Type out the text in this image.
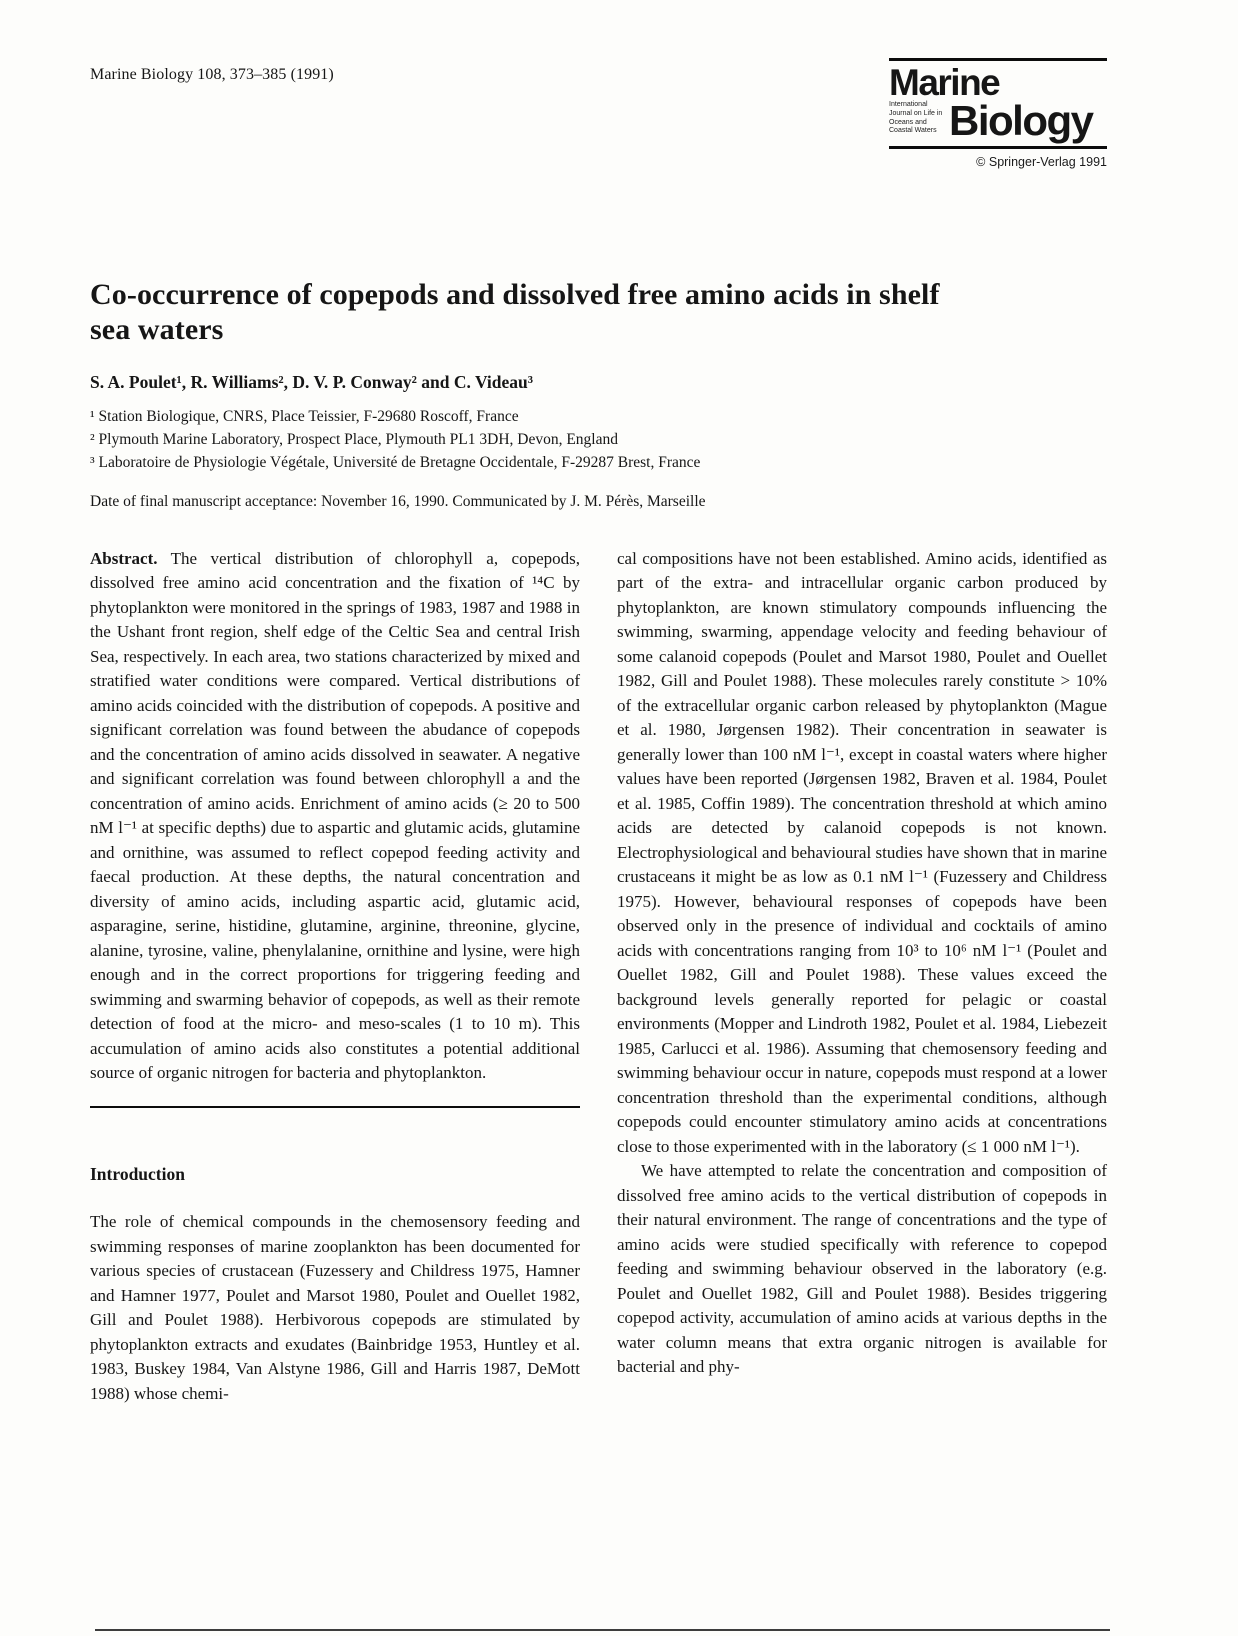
Marine Biology 108, 373–385 (1991)	Marine
International Journal on Life in Oceans and Coastal Waters Biology
© Springer-Verlag 1991
Co-occurrence of copepods and dissolved free amino acids in shelf sea waters
S. A. Poulet¹, R. Williams², D. V. P. Conway² and C. Videau³
¹ Station Biologique, CNRS, Place Teissier, F-29680 Roscoff, France
² Plymouth Marine Laboratory, Prospect Place, Plymouth PL1 3DH, Devon, England
³ Laboratoire de Physiologie Végétale, Université de Bretagne Occidentale, F-29287 Brest, France
Date of final manuscript acceptance: November 16, 1990. Communicated by J. M. Pérès, Marseille

Abstract. The vertical distribution of chlorophyll a, copepods, dissolved free amino acid concentration and the fixation of ¹⁴C by phytoplankton were monitored in the springs of 1983, 1987 and 1988 in the Ushant front region, shelf edge of the Celtic Sea and central Irish Sea, respectively. In each area, two stations characterized by mixed and stratified water conditions were compared. Vertical distributions of amino acids coincided with the distribution of copepods. A positive and significant correlation was found between the abudance of copepods and the concentration of amino acids dissolved in seawater. A negative and significant correlation was found between chlorophyll a and the concentration of amino acids. Enrichment of amino acids (≥ 20 to 500 nM l⁻¹ at specific depths) due to aspartic and glutamic acids, glutamine and ornithine, was assumed to reflect copepod feeding activity and faecal production. At these depths, the natural concentration and diversity of amino acids, including aspartic acid, glutamic acid, asparagine, serine, histidine, glutamine, arginine, threonine, glycine, alanine, tyrosine, valine, phenylalanine, ornithine and lysine, were high enough and in the correct proportions for triggering feeding and swimming and swarming behavior of copepods, as well as their remote detection of food at the micro- and meso-scales (1 to 10 m). This accumulation of amino acids also constitutes a potential additional source of organic nitrogen for bacteria and phytoplankton.

Introduction

The role of chemical compounds in the chemosensory feeding and swimming responses of marine zooplankton has been documented for various species of crustacean (Fuzessery and Childress 1975, Hamner and Hamner 1977, Poulet and Marsot 1980, Poulet and Ouellet 1982, Gill and Poulet 1988). Herbivorous copepods are stimulated by phytoplankton extracts and exudates (Bainbridge 1953, Huntley et al. 1983, Buskey 1984, Van Alstyne 1986, Gill and Harris 1987, DeMott 1988) whose chemi-

cal compositions have not been established. Amino acids, identified as part of the extra- and intracellular organic carbon produced by phytoplankton, are known stimulatory compounds influencing the swimming, swarming, appendage velocity and feeding behaviour of some calanoid copepods (Poulet and Marsot 1980, Poulet and Ouellet 1982, Gill and Poulet 1988). These molecules rarely constitute > 10% of the extracellular organic carbon released by phytoplankton (Mague et al. 1980, Jørgensen 1982). Their concentration in seawater is generally lower than 100 nM l⁻¹, except in coastal waters where higher values have been reported (Jørgensen 1982, Braven et al. 1984, Poulet et al. 1985, Coffin 1989). The concentration threshold at which amino acids are detected by calanoid copepods is not known. Electrophysiological and behavioural studies have shown that in marine crustaceans it might be as low as 0.1 nM l⁻¹ (Fuzessery and Childress 1975). However, behavioural responses of copepods have been observed only in the presence of individual and cocktails of amino acids with concentrations ranging from 10³ to 10⁶ nM l⁻¹ (Poulet and Ouellet 1982, Gill and Poulet 1988). These values exceed the background levels generally reported for pelagic or coastal environments (Mopper and Lindroth 1982, Poulet et al. 1984, Liebezeit 1985, Carlucci et al. 1986). Assuming that chemosensory feeding and swimming behaviour occur in nature, copepods must respond at a lower concentration threshold than the experimental conditions, although copepods could encounter stimulatory amino acids at concentrations close to those experimented with in the laboratory (≤ 1 000 nM l⁻¹).

We have attempted to relate the concentration and composition of dissolved free amino acids to the vertical distribution of copepods in their natural environment. The range of concentrations and the type of amino acids were studied specifically with reference to copepod feeding and swimming behaviour observed in the laboratory (e.g. Poulet and Ouellet 1982, Gill and Poulet 1988). Besides triggering copepod activity, accumulation of amino acids at various depths in the water column means that extra organic nitrogen is available for bacterial and phy-
